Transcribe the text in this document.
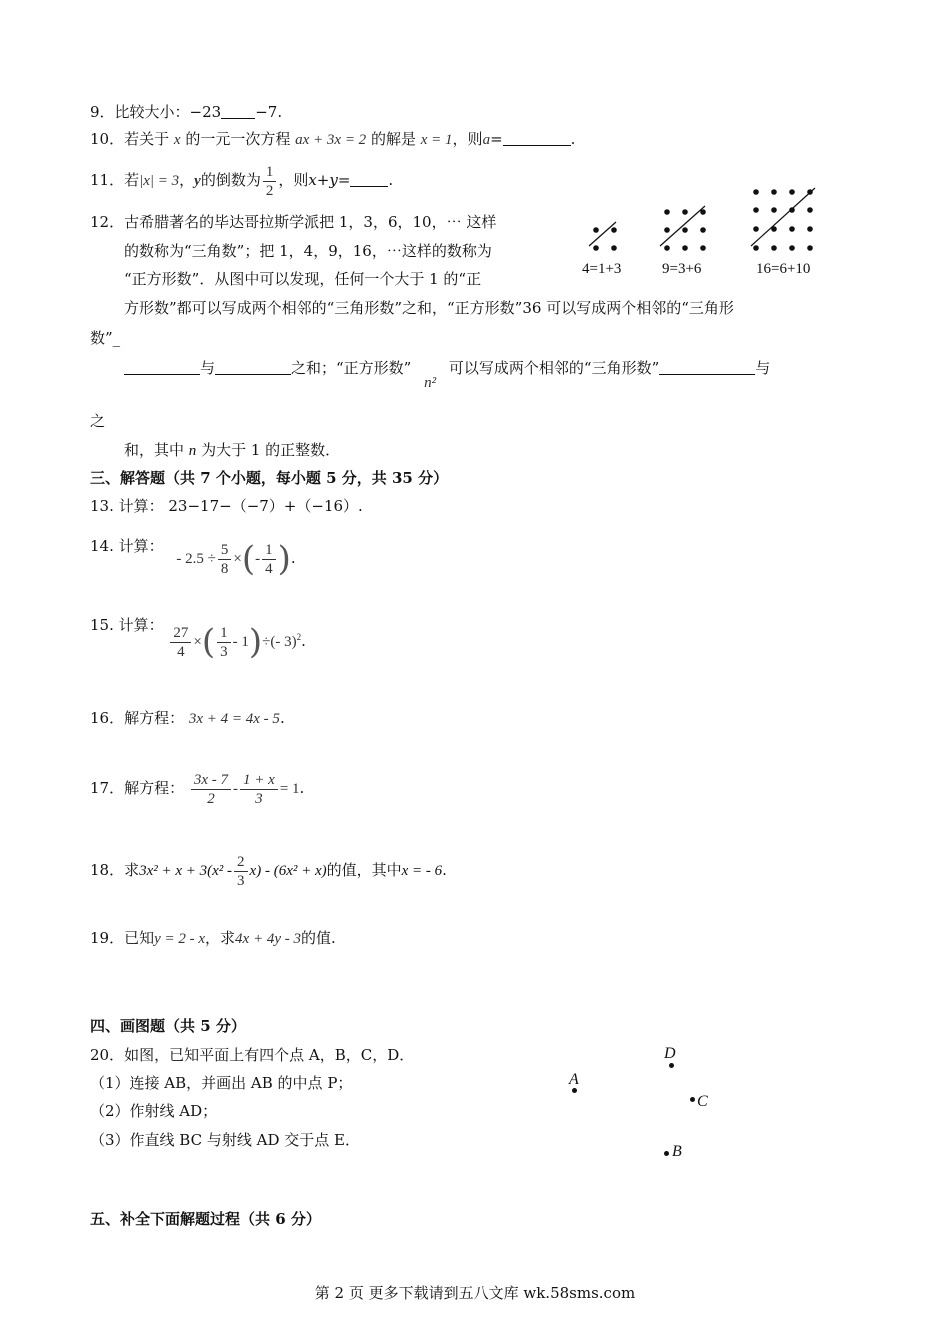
9．比较大小：−23 −7.
10．若关于 x 的一元一次方程 ax + 3x = 2 的解是 x = 1，则a=	.
11．若|x| = 3，y的倒数为 $\frac{1}{2}$ ，则x+y=	.
12．古希腊著名的毕达哥拉斯学派把 1，3，6，10，⋯ 这样
的数称为“三角数”；把 1，4，9，16，⋯这样的数称为
“正方形数”．从图中可以发现，任何一个大于 1 的“正
方形数”都可以写成两个相邻的“三角形数”之和，“正方形数”36 可以写成两个相邻的“三角形
数”_
与	之和；“正方形数” n² 可以写成两个相邻的“三角形数”	与
之
和，其中 n 为大于 1 的正整数．
4=1+3	9=3+6	16=6+10
三、解答题（共 7 个小题，每小题 5 分，共 35 分）
13. 计算： 23−17−（−7）+（−16）.
14. 计算： - $2.5 \div \frac{5}{8}$ ×(- $\frac{1}{4}$ ).
15. 计算： $\frac{27}{4}$ ×( $\frac{1}{3} - 1)\div(-$ 3)$^2$.
16．解方程： 3x + 4 = 4x - 5.
17．解方程： $\frac{3x - 7}{2} - \frac{1 + x}{3} = 1$.
18．求$3x^2 + x + 3(x^2 - \frac{2}{3} x) - (6x^2 + x)$的值，其中x = - 6.
19．已知y = 2 - x，求4x + 4y - 3的值.
四、画图题（共 5 分）
20．如图，已知平面上有四个点 A，B，C，D．
（1）连接 AB，并画出 AB 的中点 P；
（2）作射线 AD；
（3）作直线 BC 与射线 AD 交于点 E．
A
D
C
B
五、补全下面解题过程（共 6 分）
第 2 页 更多下载请到五八文库 wk.58sms.com
